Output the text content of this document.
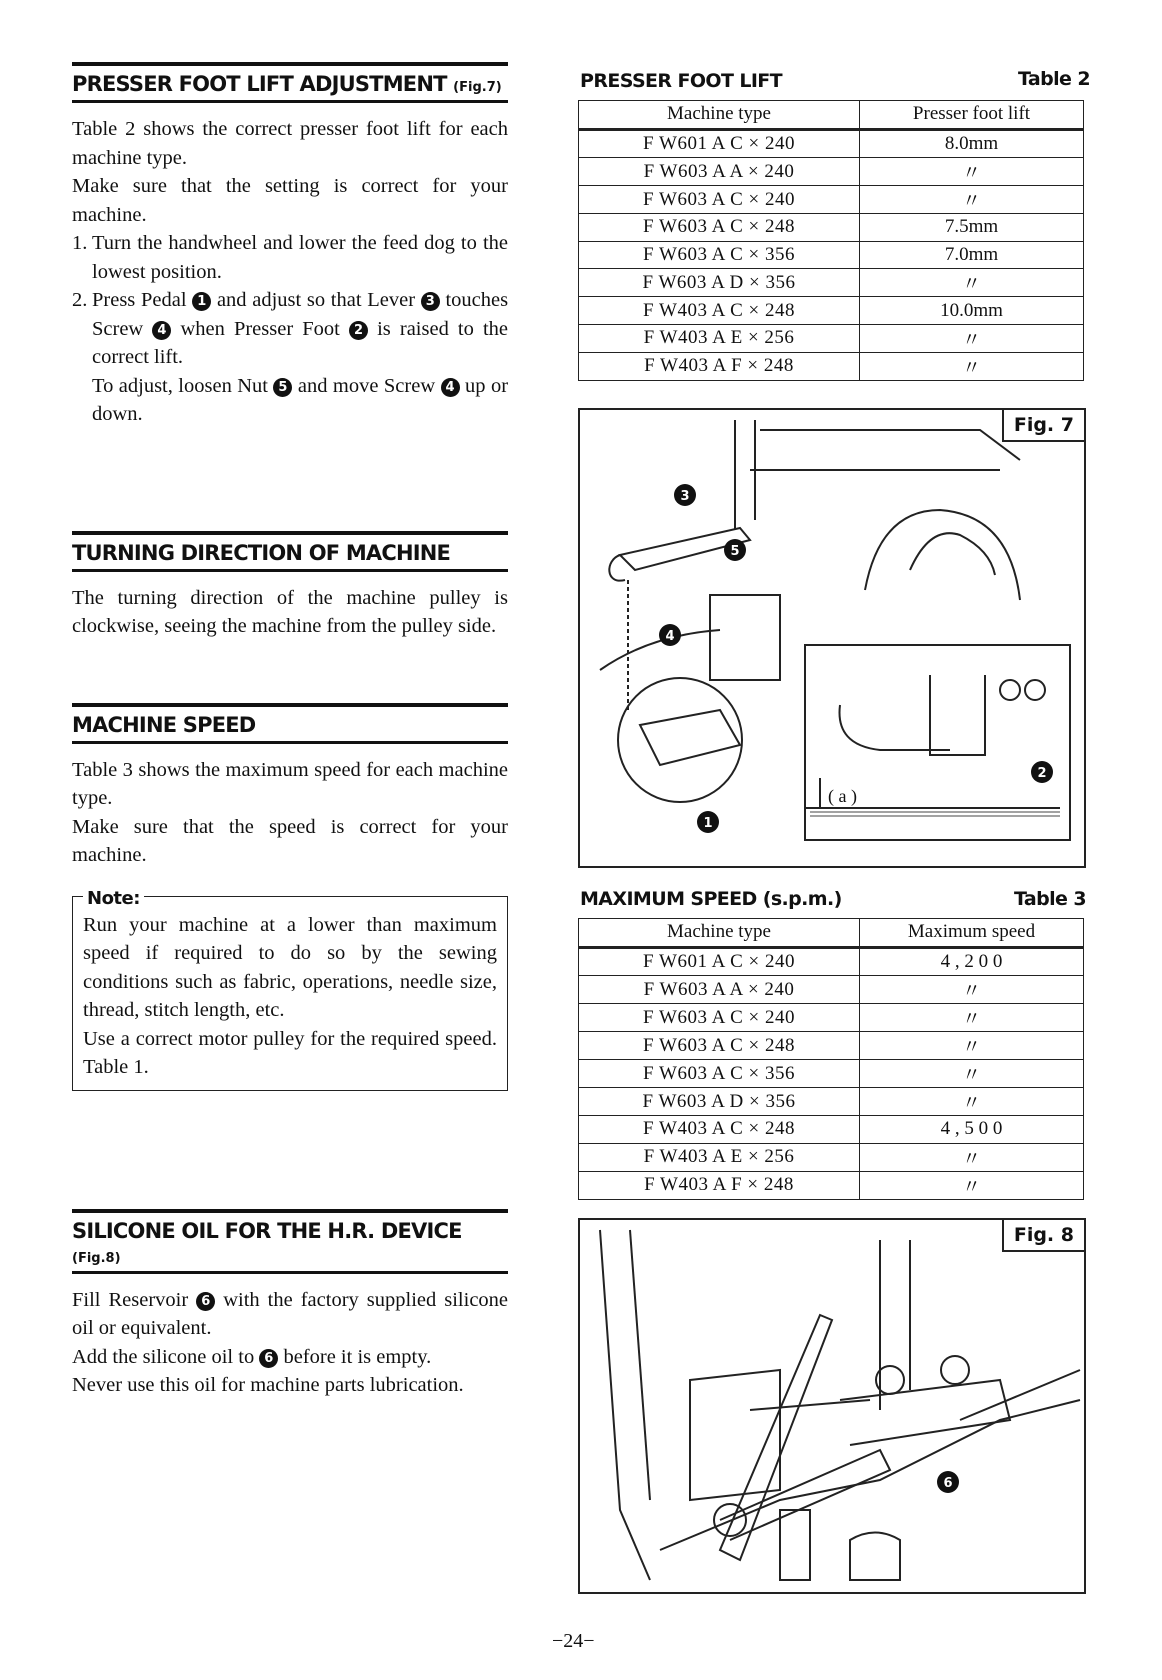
PRESSER FOOT LIFT ADJUSTMENT (Fig.7)

Table 2 shows the correct presser foot lift for each machine type.

Make sure that the setting is correct for your machine.

1. Turn the handwheel and lower the feed dog to the lowest position.
2. Press Pedal 1 and adjust so that Lever 3 touches Screw 4 when Presser Foot 2 is raised to the correct lift.
To adjust, loosen Nut 5 and move Screw 4 up or down.
TURNING DIRECTION OF MACHINE

The turning direction of the machine pulley is clockwise, seeing the machine from the pulley side.

MACHINE SPEED

Table 3 shows the maximum speed for each machine type.

Make sure that the speed is correct for your machine.

Note:

Run your machine at a lower than maximum speed if required to do so by the sewing conditions such as fabric, operations, needle size, thread, stitch length, etc.

Use a correct motor pulley for the required speed. Table 1.

SILICONE OIL FOR THE H.R. DEVICE (Fig.8)

Fill Reservoir 6 with the factory supplied silicone oil or equivalent.

Add the silicone oil to 6 before it is empty.

Never use this oil for machine parts lubrication.

PRESSER FOOT LIFT	Table 2
Machine type	Presser foot lift
F W601 A C × 240	8.0mm
F W603 A A × 240	〃
F W603 A C × 240	〃
F W603 A C × 248	7.5mm
F W603 A C × 356	7.0mm
F W603 A D × 356	〃
F W403 A C × 248	10.0mm
F W403 A E × 256	〃
F W403 A F × 248	〃
Fig. 7
( a )
3
5
4
1
2
MAXIMUM SPEED (s.p.m.)	Table 3
Machine type	Maximum speed
F W601 A C × 240	4 , 2 0 0
F W603 A A × 240	〃
F W603 A C × 240	〃
F W603 A C × 248	〃
F W603 A C × 356	〃
F W603 A D × 356	〃
F W403 A C × 248	4 , 5 0 0
F W403 A E × 256	〃
F W403 A F × 248	〃
Fig. 8
6
−24−
